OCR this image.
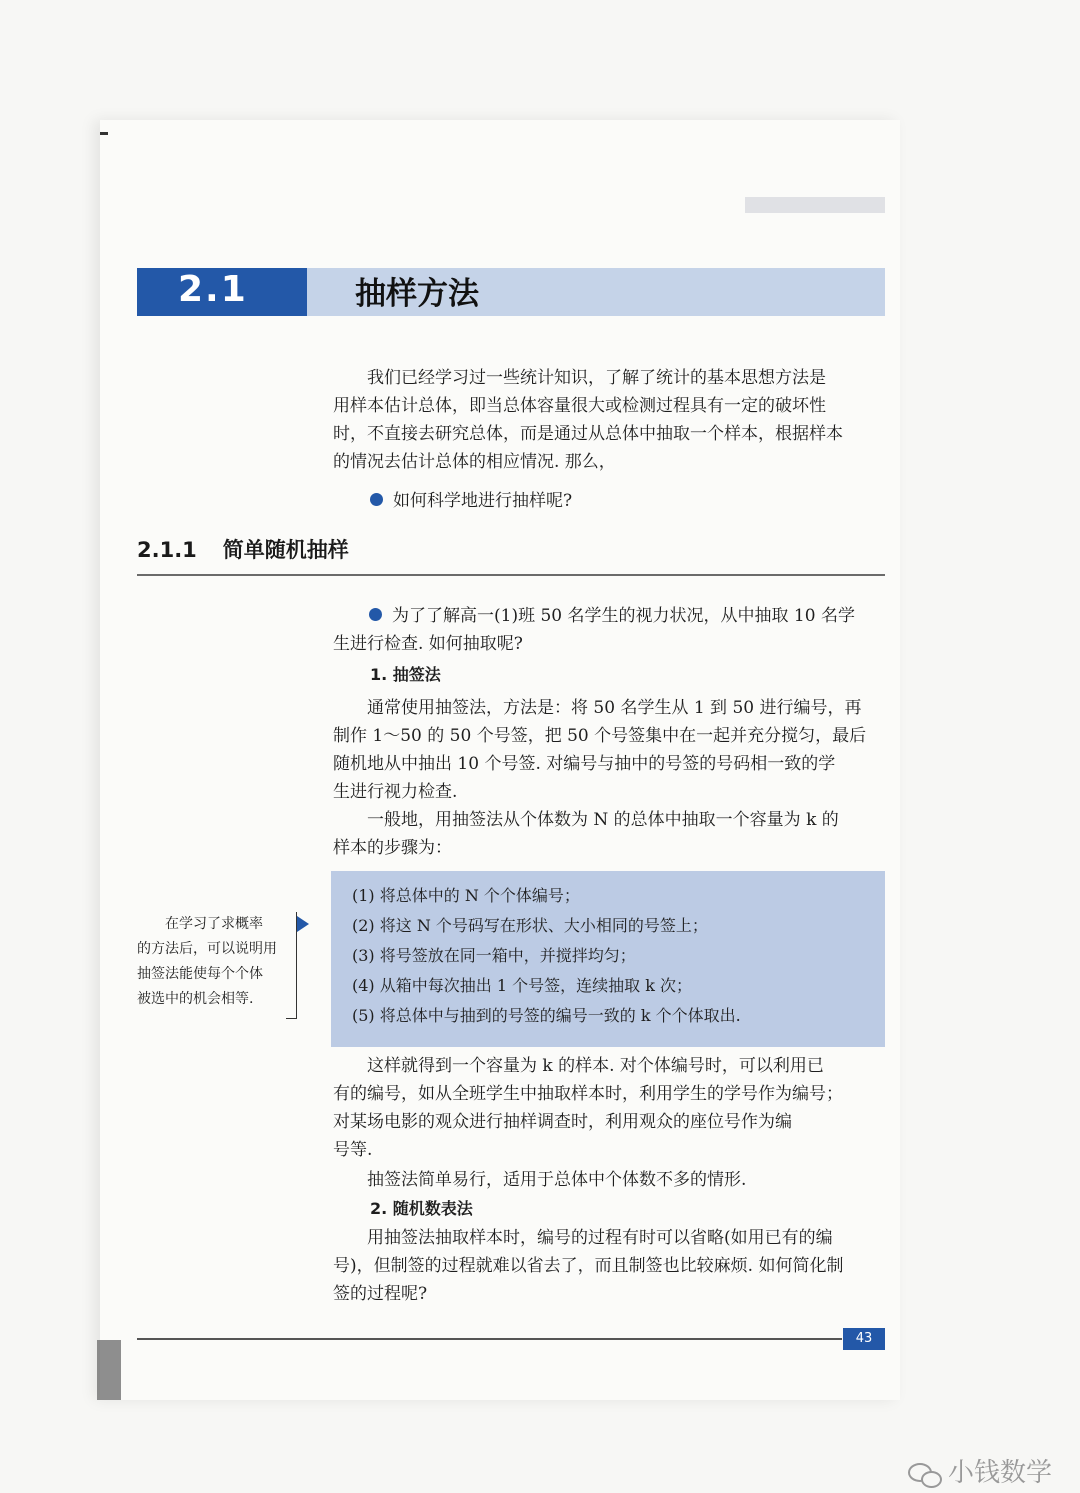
2.1	抽样方法

我们已经学习过一些统计知识，了解了统计的基本思想方法是
用样本估计总体，即当总体容量很大或检测过程具有一定的破坏性
时，不直接去研究总体，而是通过从总体中抽取一个样本，根据样本
的情况去估计总体的相应情况. 那么，

如何科学地进行抽样呢?
2.1.1 简单随机抽样

为了了解高一(1)班 50 名学生的视力状况，从中抽取 10 名学
生进行检查. 如何抽取呢?

1. 抽签法

通常使用抽签法，方法是：将 50 名学生从 1 到 50 进行编号，再
制作 1～50 的 50 个号签，把 50 个号签集中在一起并充分搅匀，最后
随机地从中抽出 10 个号签. 对编号与抽中的号签的号码相一致的学
生进行视力检查.

一般地，用抽签法从个体数为 N 的总体中抽取一个容量为 k 的
样本的步骤为：

(1) 将总体中的 N 个个体编号；
(2) 将这 N 个号码写在形状、大小相同的号签上；
(3) 将号签放在同一箱中，并搅拌均匀；
(4) 从箱中每次抽出 1 个号签，连续抽取 k 次；
(5) 将总体中与抽到的号签的编号一致的 k 个个体取出.
在学习了求概率
的方法后，可以说明用
抽签法能使每个个体
被选中的机会相等.

这样就得到一个容量为 k 的样本. 对个体编号时，可以利用已
有的编号，如从全班学生中抽取样本时，利用学生的学号作为编号；
对某场电影的观众进行抽样调查时，利用观众的座位号作为编
号等.

抽签法简单易行，适用于总体中个体数不多的情形.

2. 随机数表法

用抽签法抽取样本时，编号的过程有时可以省略(如用已有的编
号)，但制签的过程就难以省去了，而且制签也比较麻烦. 如何简化制
签的过程呢?

43
小钱数学
